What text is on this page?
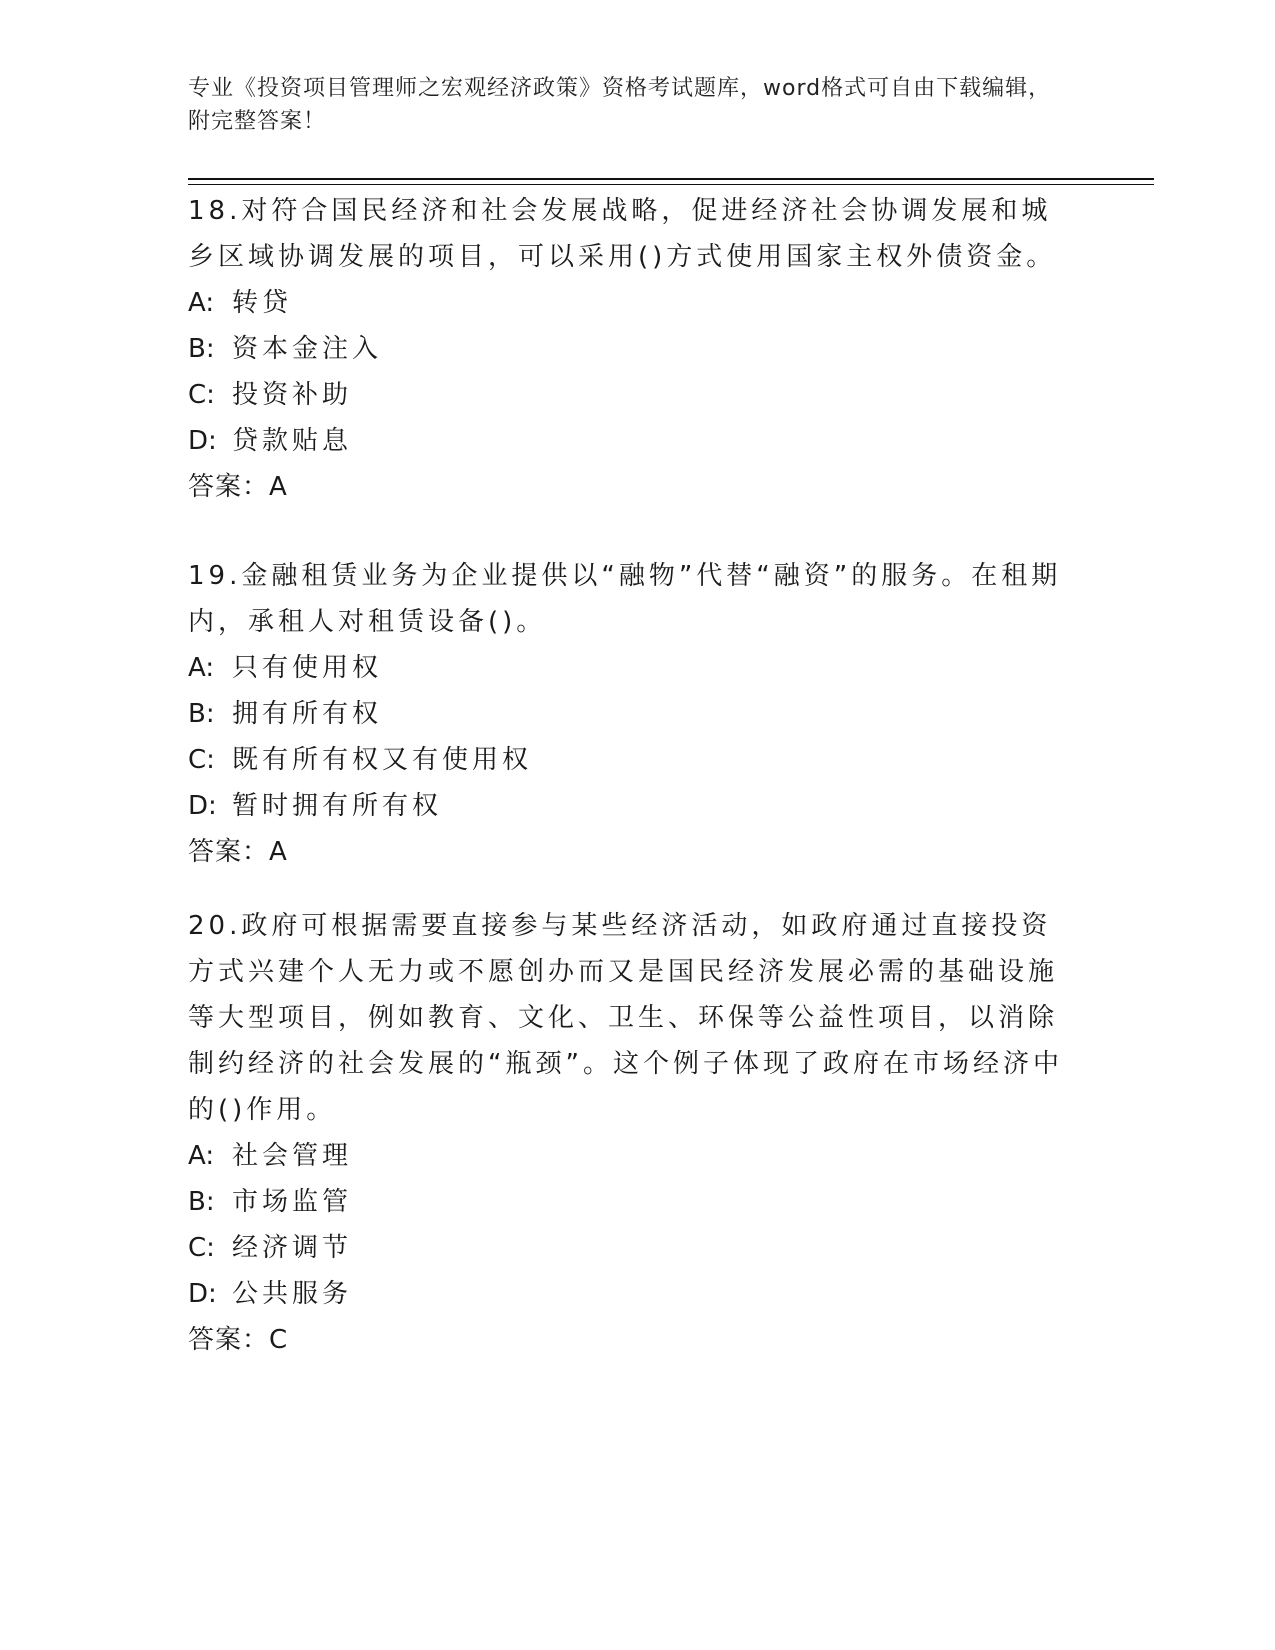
专业《投资项目管理师之宏观经济政策》资格考试题库，word格式可自由下载编辑，附完整答案！

18.对符合国民经济和社会发展战略，促进经济社会协调发展和城乡区域协调发展的项目，可以采用()方式使用国家主权外债资金。

A: 转贷
B: 资本金注入
C: 投资补助
D: 贷款贴息
答案：A

19.金融租赁业务为企业提供以“融物”代替“融资”的服务。在租期内，承租人对租赁设备()。

A: 只有使用权
B: 拥有所有权
C: 既有所有权又有使用权
D: 暂时拥有所有权
答案：A

20.政府可根据需要直接参与某些经济活动，如政府通过直接投资方式兴建个人无力或不愿创办而又是国民经济发展必需的基础设施等大型项目，例如教育、文化、卫生、环保等公益性项目，以消除制约经济的社会发展的“瓶颈”。这个例子体现了政府在市场经济中的()作用。

A: 社会管理
B: 市场监管
C: 经济调节
D: 公共服务
答案：C
